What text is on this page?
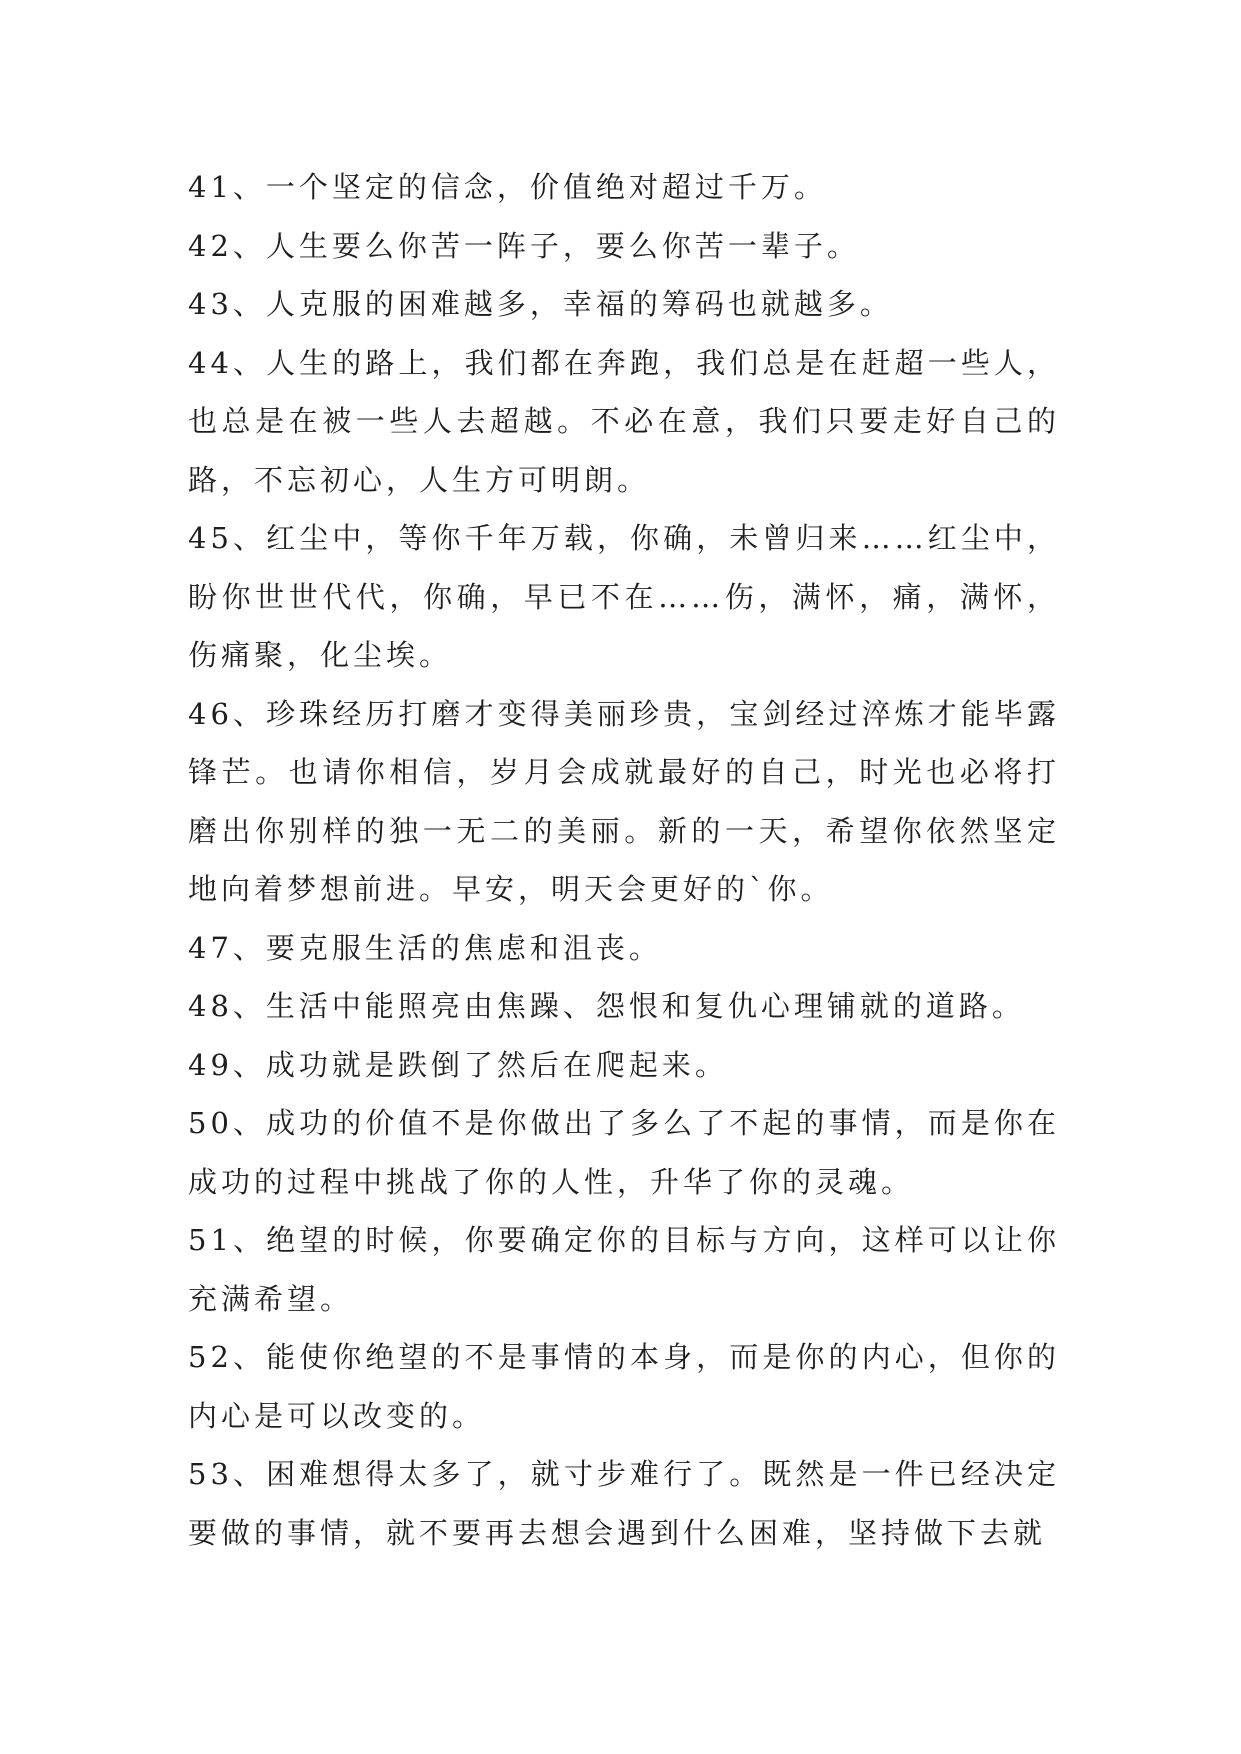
41、一个坚定的信念，价值绝对超过千万。

42、人生要么你苦一阵子，要么你苦一辈子。

43、人克服的困难越多，幸福的筹码也就越多。

44、人生的路上，我们都在奔跑，我们总是在赶超一些人，也总是在被一些人去超越。不必在意，我们只要走好自己的路，不忘初心，人生方可明朗。

45、红尘中，等你千年万载，你确，未曾归来……红尘中，盼你世世代代，你确，早已不在……伤，满怀，痛，满怀，伤痛聚，化尘埃。

46、珍珠经历打磨才变得美丽珍贵，宝剑经过淬炼才能毕露锋芒。也请你相信，岁月会成就最好的自己，时光也必将打磨出你别样的独一无二的美丽。新的一天，希望你依然坚定地向着梦想前进。早安，明天会更好的`你。

47、要克服生活的焦虑和沮丧。

48、生活中能照亮由焦躁、怨恨和复仇心理铺就的道路。

49、成功就是跌倒了然后在爬起来。

50、成功的价值不是你做出了多么了不起的事情，而是你在成功的过程中挑战了你的人性，升华了你的灵魂。

51、绝望的时候，你要确定你的目标与方向，这样可以让你充满希望。

52、能使你绝望的不是事情的本身，而是你的内心，但你的内心是可以改变的。

53、困难想得太多了，就寸步难行了。既然是一件已经决定要做的事情，就不要再去想会遇到什么困难，坚持做下去就
